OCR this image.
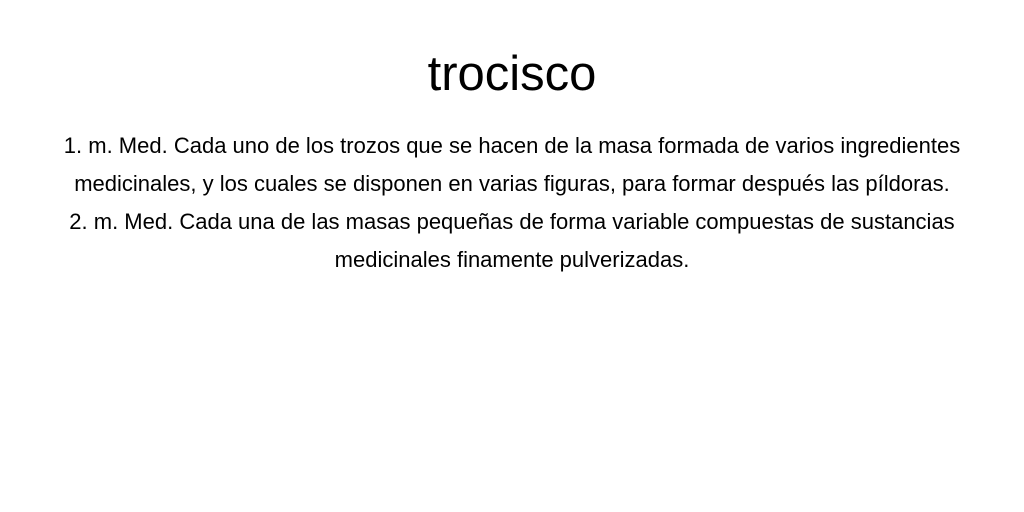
trocisco

1. m. Med. Cada uno de los trozos que se hacen de la masa formada de varios ingredientes medicinales, y los cuales se disponen en varias figuras, para formar después las píldoras.

2. m. Med. Cada una de las masas pequeñas de forma variable compuestas de sustancias medicinales finamente pulverizadas.
